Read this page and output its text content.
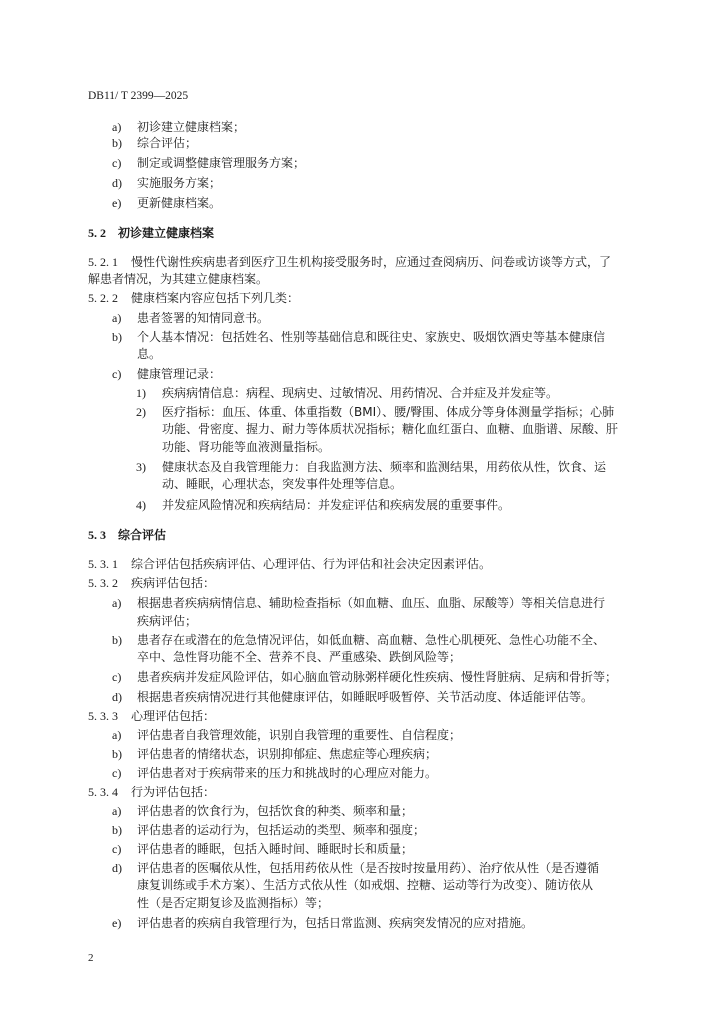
DB11/ T 2399—2025
a) 初诊建立健康档案；
b) 综合评估；
c) 制定或调整健康管理服务方案；
d) 实施服务方案；
e) 更新健康档案。
5. 2 初诊建立健康档案
5. 2. 1 慢性代谢性疾病患者到医疗卫生机构接受服务时，应通过查阅病历、问卷或访谈等方式，了
解患者情况，为其建立健康档案。
5. 2. 2 健康档案内容应包括下列几类：
a) 患者签署的知情同意书。
b) 个人基本情况：包括姓名、性别等基础信息和既往史、家族史、吸烟饮酒史等基本健康信
息。
c) 健康管理记录：
1) 疾病病情信息：病程、现病史、过敏情况、用药情况、合并症及并发症等。
2) 医疗指标：血压、体重、体重指数（BMI）、腰/臀围、体成分等身体测量学指标；心肺
功能、骨密度、握力、耐力等体质状况指标；糖化血红蛋白、血糖、血脂谱、尿酸、肝
功能、肾功能等血液测量指标。
3) 健康状态及自我管理能力：自我监测方法、频率和监测结果，用药依从性，饮食、运
动、睡眠，心理状态，突发事件处理等信息。
4) 并发症风险情况和疾病结局：并发症评估和疾病发展的重要事件。
5. 3 综合评估
5. 3. 1 综合评估包括疾病评估、心理评估、行为评估和社会决定因素评估。
5. 3. 2 疾病评估包括：
a) 根据患者疾病病情信息、辅助检查指标（如血糖、血压、血脂、尿酸等）等相关信息进行
疾病评估；
b) 患者存在或潜在的危急情况评估，如低血糖、高血糖、急性心肌梗死、急性心功能不全、
卒中、急性肾功能不全、营养不良、严重感染、跌倒风险等；
c) 患者疾病并发症风险评估，如心脑血管动脉粥样硬化性疾病、慢性肾脏病、足病和骨折等；
d) 根据患者疾病情况进行其他健康评估，如睡眠呼吸暂停、关节活动度、体适能评估等。
5. 3. 3 心理评估包括：
a) 评估患者自我管理效能，识别自我管理的重要性、自信程度；
b) 评估患者的情绪状态，识别抑郁症、焦虑症等心理疾病；
c) 评估患者对于疾病带来的压力和挑战时的心理应对能力。
5. 3. 4 行为评估包括：
a) 评估患者的饮食行为，包括饮食的种类、频率和量；
b) 评估患者的运动行为，包括运动的类型、频率和强度；
c) 评估患者的睡眠，包括入睡时间、睡眠时长和质量；
d) 评估患者的医嘱依从性，包括用药依从性（是否按时按量用药）、治疗依从性（是否遵循
康复训练或手术方案）、生活方式依从性（如戒烟、控糖、运动等行为改变）、随访依从
性（是否定期复诊及监测指标）等；
e) 评估患者的疾病自我管理行为，包括日常监测、疾病突发情况的应对措施。
2
